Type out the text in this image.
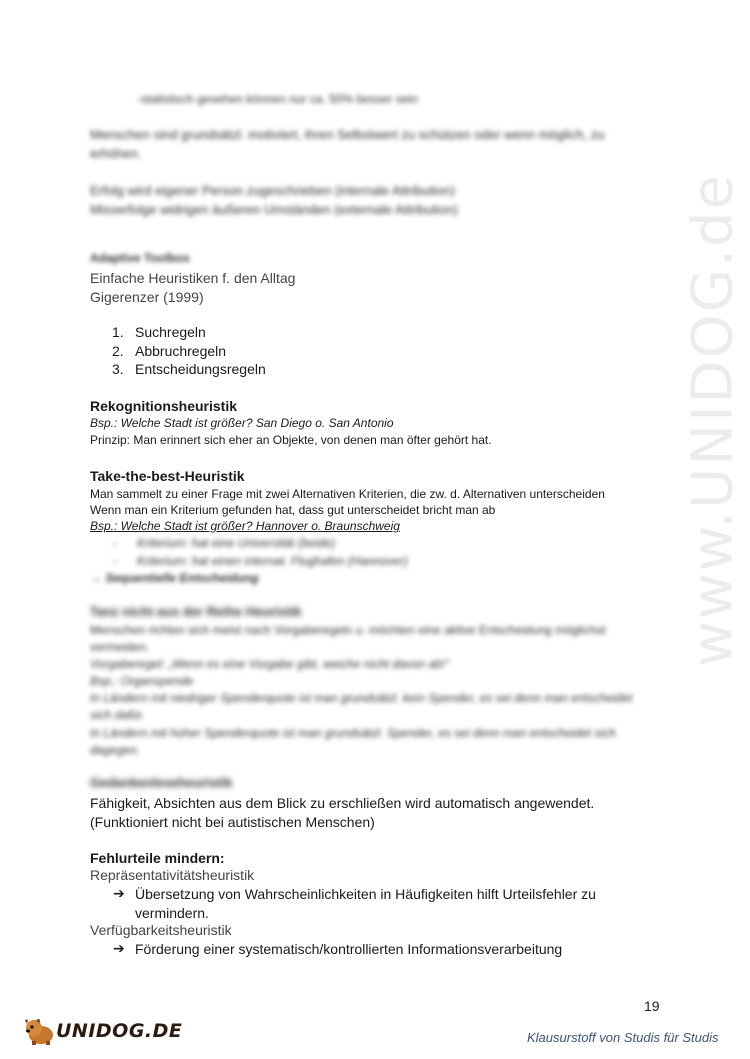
www.UNIDOG.de
-statistisch gesehen können nur ca. 50% besser sein
Menschen sind grundsätzl. motiviert, ihren Selbstwert zu schützen oder wenn möglich, zu
erhöhen.
Erfolg wird eigener Person zugeschrieben (internale Attribution)
Misserfolge widrigen äußeren Umständen (externale Attribution)
Adaptive Toolbox
Einfache Heuristiken f. den Alltag
Gigerenzer (1999)
1. Suchregeln
2. Abbruchregeln
3. Entscheidungsregeln
Rekognitionsheuristik
Bsp.: Welche Stadt ist größer? San Diego o. San Antonio
Prinzip: Man erinnert sich eher an Objekte, von denen man öfter gehört hat.
Take-the-best-Heuristik
Man sammelt zu einer Frage mit zwei Alternativen Kriterien, die zw. d. Alternativen unterscheiden
Wenn man ein Kriterium gefunden hat, dass gut unterscheidet bricht man ab
Bsp.: Welche Stadt ist größer? Hannover o. Braunschweig
- Kriterium: hat eine Universität (beide)
- Kriterium: hat einen internat. Flughafen (Hannover)
→ Sequentielle Entscheidung
Tanz nicht aus der Reihe Heuristik
Menschen richten sich meist nach Vorgaberegeln u. möchten eine aktive Entscheidung möglichst
vermeiden.
Vorgaberegel: „Wenn es eine Vorgabe gibt, weiche nicht davon ab!“
Bsp.: Organspende
In Ländern mit niedriger Spenderquote ist man grundsätzl. kein Spender, es sei denn man entscheidet
sich dafür.
In Ländern mit hoher Spenderquote ist man grundsätzl. Spender, es sei denn man entscheidet sich
dagegen.
Gedankenleseheuristik
Fähigkeit, Absichten aus dem Blick zu erschließen wird automatisch angewendet.
(Funktioniert nicht bei autistischen Menschen)
Fehlurteile mindern:
Repräsentativitätsheuristik
➔ Übersetzung von Wahrscheinlichkeiten in Häufigkeiten hilft Urteilsfehler zu
vermindern.
Verfügbarkeitsheuristik
➔ Förderung einer systematisch/kontrollierten Informationsverarbeitung
19
UNIDOG.DE	Klausurstoff von Studis für Studis
